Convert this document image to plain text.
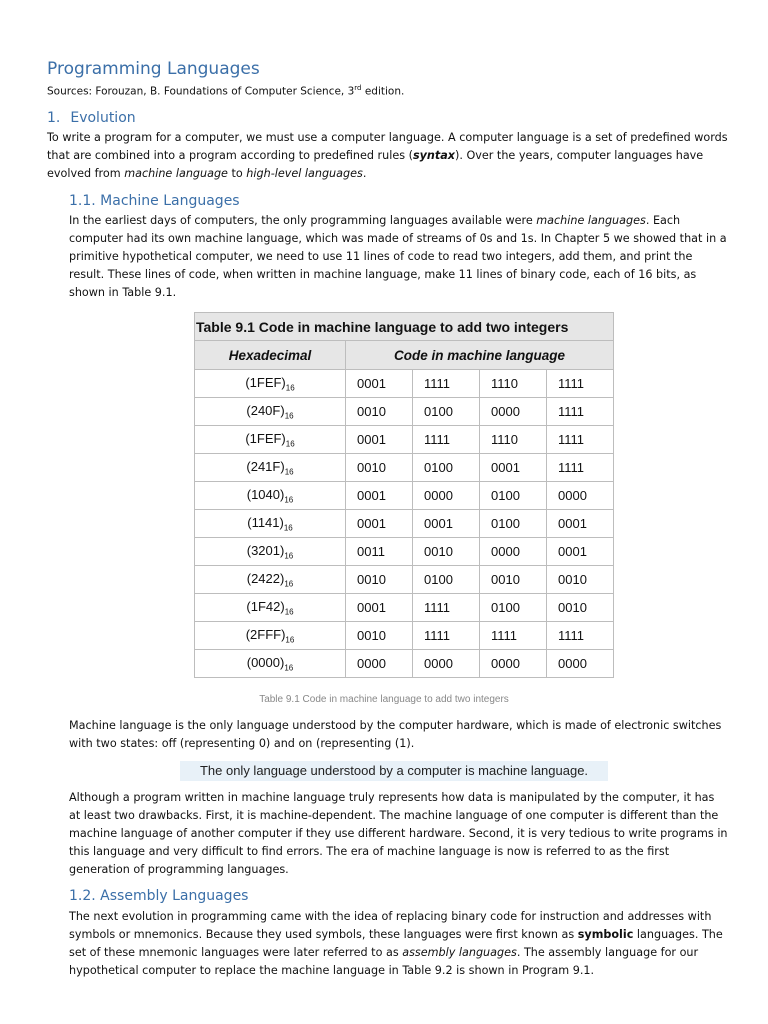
Programming Languages

Sources: Forouzan, B. Foundations of Computer Science, 3rd edition.

1. Evolution

To write a program for a computer, we must use a computer language. A computer language is a set of predefined words that are combined into a program according to predefined rules (syntax). Over the years, computer languages have evolved from machine language to high-level languages.

1.1. Machine Languages

In the earliest days of computers, the only programming languages available were machine languages. Each computer had its own machine language, which was made of streams of 0s and 1s. In Chapter 5 we showed that in a primitive hypothetical computer, we need to use 11 lines of code to read two integers, add them, and print the result. These lines of code, when written in machine language, make 11 lines of binary code, each of 16 bits, as shown in Table 9.1.

Table 9.1 Code in machine language to add two integers				
Hexadecimal	Code in machine language			
$(1FEF)_{16}$	0001	1111	1110	1111
$(240F)_{16}$	0010	0100	0000	1111
$(1FEF)_{16}$	0001	1111	1110	1111
$(241F)_{16}$	0010	0100	0001	1111
$(1040)_{16}$	0001	0000	0100	0000
$(1141)_{16}$	0001	0001	0100	0001
$(3201)_{16}$	0011	0010	0000	0001
$(2422)_{16}$	0010	0100	0010	0010
$(1F42)_{16}$	0001	1111	0100	0010
$(2FFF)_{16}$	0010	1111	1111	1111
$(0000)_{16}$	0000	0000	0000	0000

Table 9.1 Code in machine language to add two integers

Machine language is the only language understood by the computer hardware, which is made of electronic switches with two states: off (representing 0) and on (representing (1).

The only language understood by a computer is machine language.

Although a program written in machine language truly represents how data is manipulated by the computer, it has at least two drawbacks. First, it is machine-dependent. The machine language of one computer is different than the machine language of another computer if they use different hardware. Second, it is very tedious to write programs in this language and very difficult to find errors. The era of machine language is now is referred to as the first generation of programming languages.

1.2. Assembly Languages

The next evolution in programming came with the idea of replacing binary code for instruction and addresses with symbols or mnemonics. Because they used symbols, these languages were first known as symbolic languages. The set of these mnemonic languages were later referred to as assembly languages. The assembly language for our hypothetical computer to replace the machine language in Table 9.2 is shown in Program 9.1.
